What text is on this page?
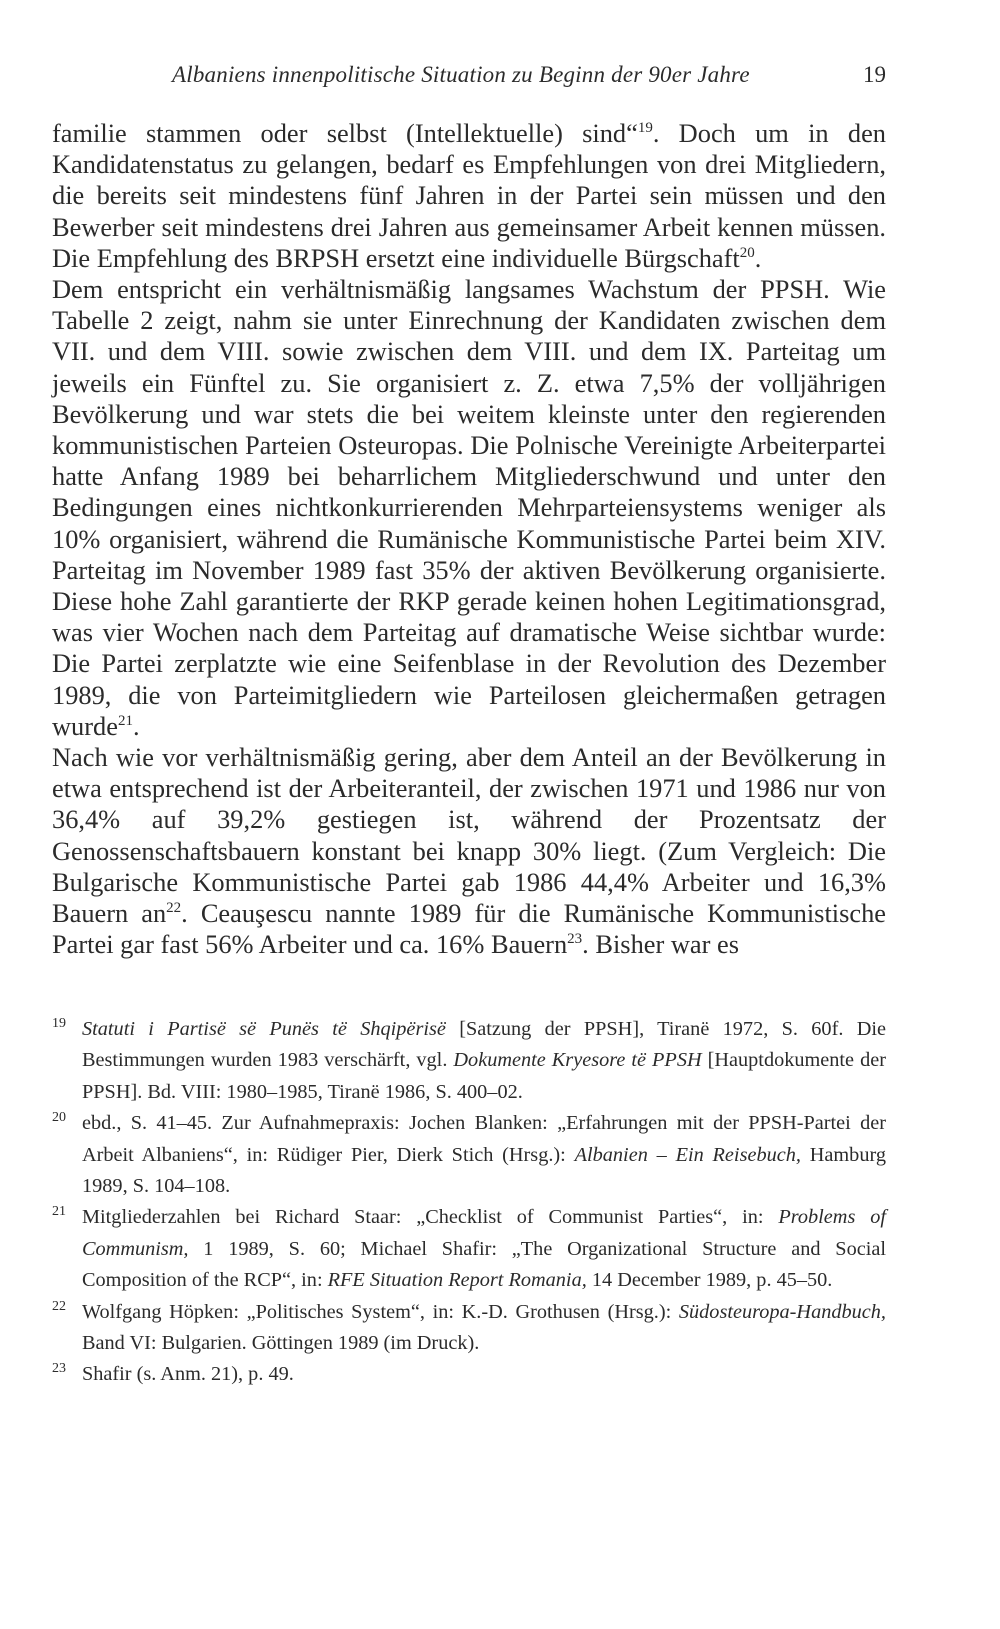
Albaniens innenpolitische Situation zu Beginn der 90er Jahre	19

familie stammen oder selbst (Intellektuelle) sind“$^{19}$. Doch um in den Kandidatenstatus zu gelangen, bedarf es Empfehlungen von drei Mitgliedern, die bereits seit mindestens fünf Jahren in der Partei sein müssen und den Bewerber seit mindestens drei Jahren aus gemeinsamer Arbeit kennen müssen. Die Empfehlung des BRPSH ersetzt eine individuelle Bürgschaft$^{20}$.

Dem entspricht ein verhältnismäßig langsames Wachstum der PPSH. Wie Tabelle 2 zeigt, nahm sie unter Einrechnung der Kandidaten zwischen dem VII. und dem VIII. sowie zwischen dem VIII. und dem IX. Parteitag um jeweils ein Fünftel zu. Sie organisiert z. Z. etwa 7,5% der volljährigen Bevölkerung und war stets die bei weitem kleinste unter den regierenden kommunistischen Parteien Osteuropas. Die Polnische Vereinigte Arbeiterpartei hatte Anfang 1989 bei beharrlichem Mitgliederschwund und unter den Bedingungen eines nichtkonkurrierenden Mehrparteiensystems weniger als 10% organisiert, während die Rumänische Kommunistische Partei beim XIV. Parteitag im November 1989 fast 35% der aktiven Bevölkerung organisierte. Diese hohe Zahl garantierte der RKP gerade keinen hohen Legitimationsgrad, was vier Wochen nach dem Parteitag auf dramatische Weise sichtbar wurde: Die Partei zerplatzte wie eine Seifenblase in der Revolution des Dezember 1989, die von Parteimitgliedern wie Parteilosen gleichermaßen getragen wurde$^{21}$.

Nach wie vor verhältnismäßig gering, aber dem Anteil an der Bevölkerung in etwa entsprechend ist der Arbeiteranteil, der zwischen 1971 und 1986 nur von 36,4% auf 39,2% gestiegen ist, während der Prozentsatz der Genossenschaftsbauern konstant bei knapp 30% liegt. (Zum Vergleich: Die Bulgarische Kommunistische Partei gab 1986 44,4% Arbeiter und 16,3% Bauern $an^{22}$. Ceauşescu nannte 1989 für die Rumänische Kommunistische Partei gar fast 56% Arbeiter und ca. 16% Bauern$^{23}$. Bisher war es

19 Statuti i Partisë së Punës të Shqipërisë [Satzung der PPSH], Tiranë 1972, S. 60f. Die Bestimmungen wurden 1983 verschärft, vgl. Dokumente Kryesore të PPSH [Hauptdokumente der PPSH]. Bd. VIII: 1980–1985, Tiranë 1986, S. 400–02.

20 ebd., S. 41–45. Zur Aufnahmepraxis: Jochen Blanken: „Erfahrungen mit der PPSH-Partei der Arbeit Albaniens“, in: Rüdiger Pier, Dierk Stich (Hrsg.): Albanien – Ein Reisebuch, Hamburg 1989, S. 104–108.

21 Mitgliederzahlen bei Richard Staar: „Checklist of Communist Parties“, in: Problems of Communism, 1 1989, S. 60; Michael Shafir: „The Organizational Structure and Social Composition of the RCP“, in: RFE Situation Report Romania, 14 December 1989, p. 45–50.

22 Wolfgang Höpken: „Politisches System“, in: K.-D. Grothusen (Hrsg.): Südosteuropa-Handbuch, Band VI: Bulgarien. Göttingen 1989 (im Druck).

23 Shafir (s. Anm. 21), p. 49.
